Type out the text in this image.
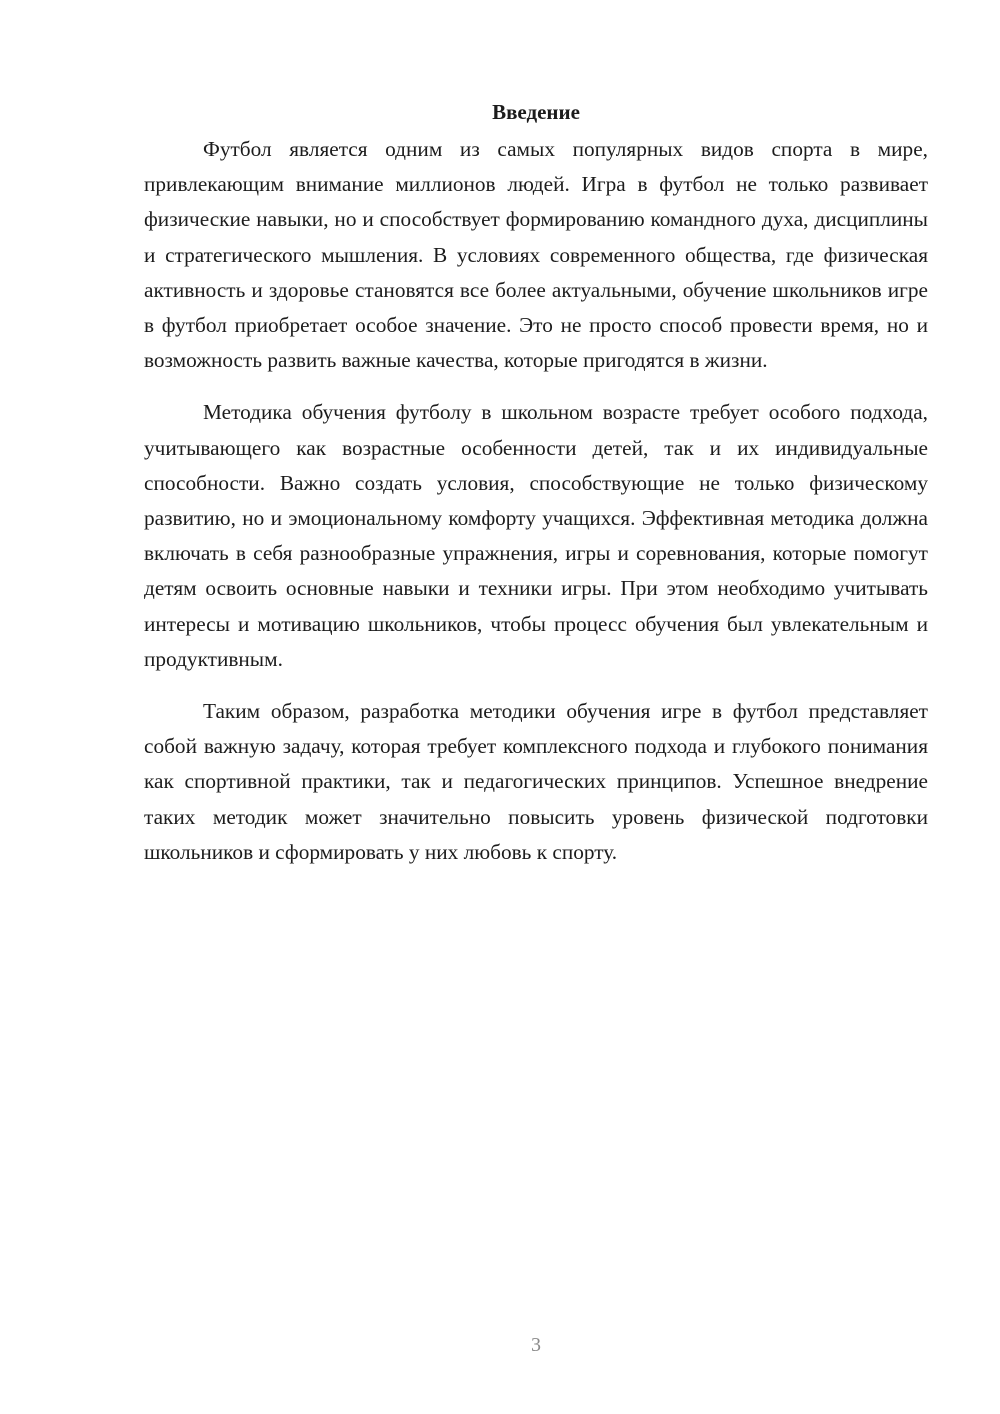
Введение

Футбол является одним из самых популярных видов спорта в мире, привлекающим внимание миллионов людей. Игра в футбол не только развивает физические навыки, но и способствует формированию командного духа, дисциплины и стратегического мышления. В условиях современного общества, где физическая активность и здоровье становятся все более актуальными, обучение школьников игре в футбол приобретает особое значение. Это не просто способ провести время, но и возможность развить важные качества, которые пригодятся в жизни.

Методика обучения футболу в школьном возрасте требует особого подхода, учитывающего как возрастные особенности детей, так и их индивидуальные способности. Важно создать условия, способствующие не только физическому развитию, но и эмоциональному комфорту учащихся. Эффективная методика должна включать в себя разнообразные упражнения, игры и соревнования, которые помогут детям освоить основные навыки и техники игры. При этом необходимо учитывать интересы и мотивацию школьников, чтобы процесс обучения был увлекательным и продуктивным.

Таким образом, разработка методики обучения игре в футбол представляет собой важную задачу, которая требует комплексного подхода и глубокого понимания как спортивной практики, так и педагогических принципов. Успешное внедрение таких методик может значительно повысить уровень физической подготовки школьников и сформировать у них любовь к спорту.

3
